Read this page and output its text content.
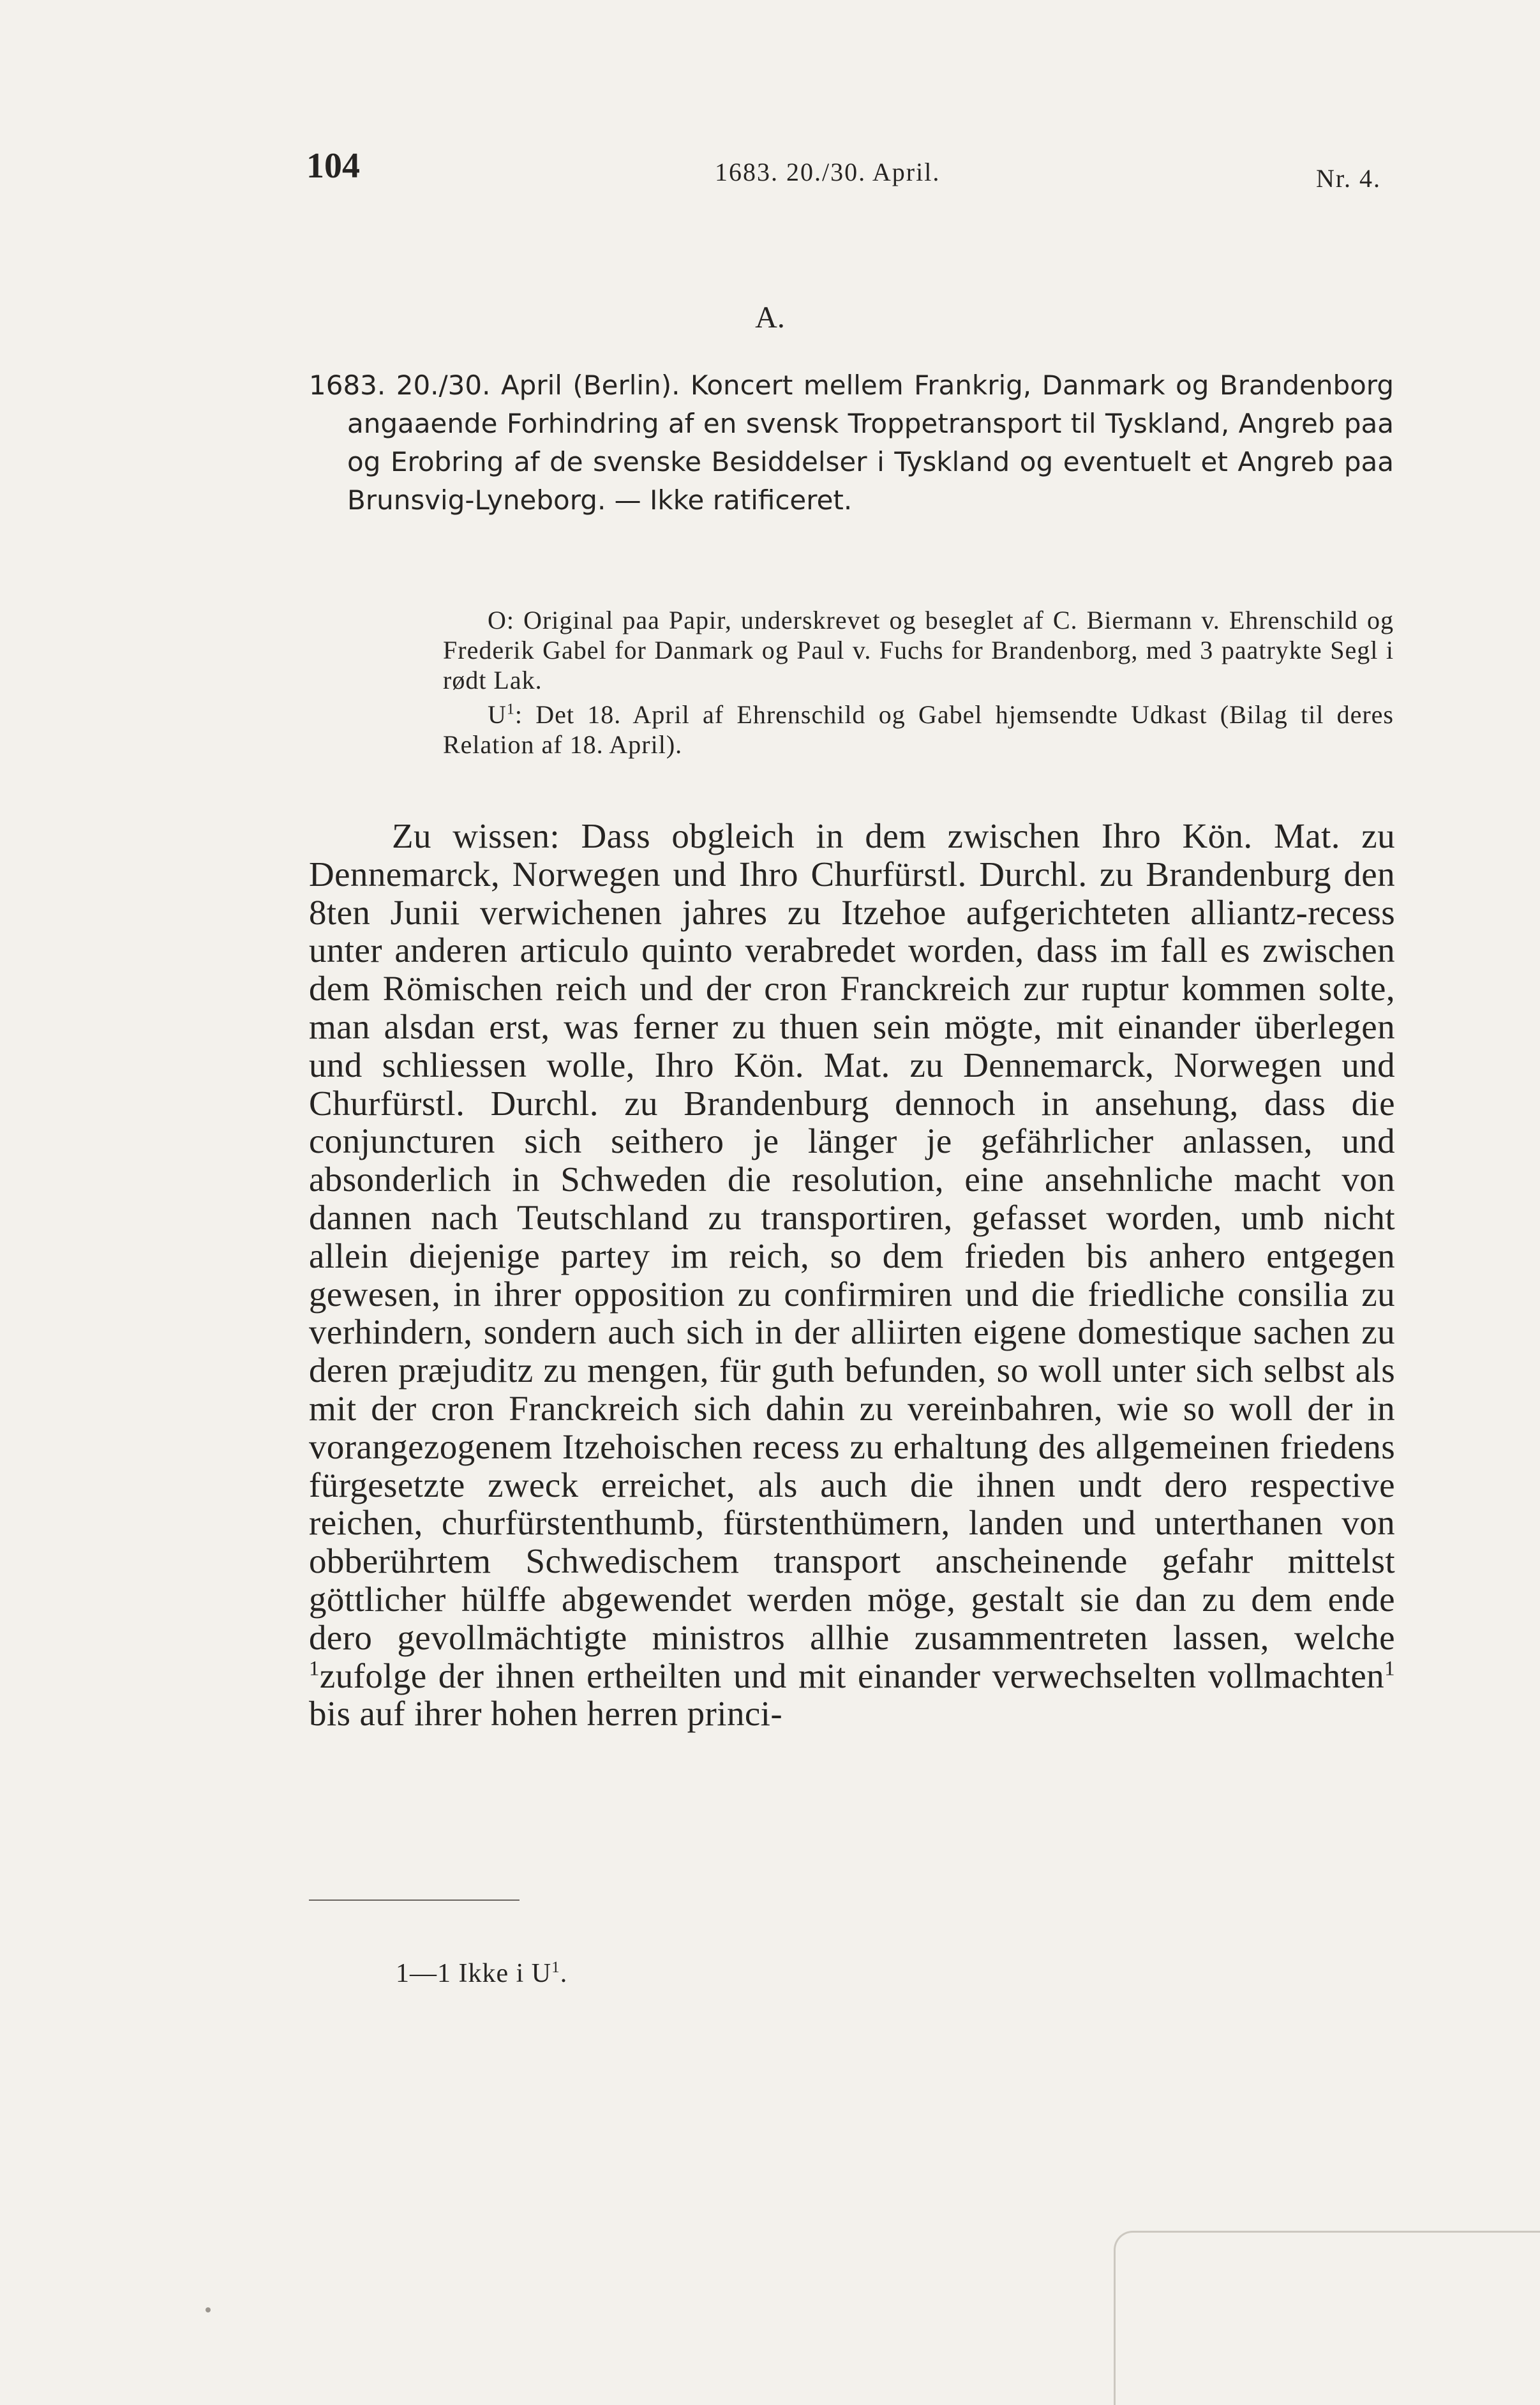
104	1683. 20./30. April.	Nr. 4.
A.
1683. 20./30. April (Berlin). Koncert mellem Frankrig, Danmark og Brandenborg angaaende Forhindring af en svensk Troppetransport til Tyskland, Angreb paa og Erobring af de svenske Besiddelser i Tyskland og eventuelt et Angreb paa Brunsvig-Lyneborg. — Ikke ratificeret.
O: Original paa Papir, underskrevet og beseglet af C. Biermann v. Ehrenschild og Frederik Gabel for Danmark og Paul v. Fuchs for Brandenborg, med 3 paatrykte Segl i rødt Lak.
$U^1$: Det 18. April af Ehrenschild og Gabel hjemsendte Udkast (Bilag til deres Relation af 18. April).
Zu wissen: Dass obgleich in dem zwischen Ihro Kön. Mat. zu Dennemarck, Norwegen und Ihro Churfürstl. Durchl. zu Brandenburg den 8ten Junii verwichenen jahres zu Itzehoe aufgerichteten alliantz-recess unter anderen articulo quinto verabredet worden, dass im fall es zwischen dem Römischen reich und der cron Franckreich zur ruptur kommen solte, man alsdan erst, was ferner zu thuen sein mögte, mit einander überlegen und schliessen wolle, Ihro Kön. Mat. zu Dennemarck, Norwegen und Churfürstl. Durchl. zu Brandenburg dennoch in ansehung, dass die conjuncturen sich seithero je länger je gefährlicher anlassen, und absonderlich in Schweden die resolution, eine ansehnliche macht von dannen nach Teutschland zu transportiren, gefasset worden, umb nicht allein diejenige partey im reich, so dem frieden bis anhero entgegen gewesen, in ihrer opposition zu confirmiren und die friedliche consilia zu verhindern, sondern auch sich in der alliirten eigene domestique sachen zu deren præjuditz zu mengen, für guth befunden, so woll unter sich selbst als mit der cron Franckreich sich dahin zu vereinbahren, wie so woll der in vorangezogenem Itzehoischen recess zu erhaltung des allgemeinen friedens fürgesetzte zweck erreichet, als auch die ihnen undt dero respective reichen, churfürstenthumb, fürstenthümern, landen und unterthanen von obberührtem Schwedischem transport anscheinende gefahr mittelst göttlicher hülffe abgewendet werden möge, gestalt sie dan zu dem ende dero gevollmächtigte ministros allhie zusammentreten lassen, welche $^1$zufolge der ihnen ertheilten und mit einander verwechselten vollmachten$^1$ bis auf ihrer hohen herren princi-
1—1 Ikke i $U^1$.
